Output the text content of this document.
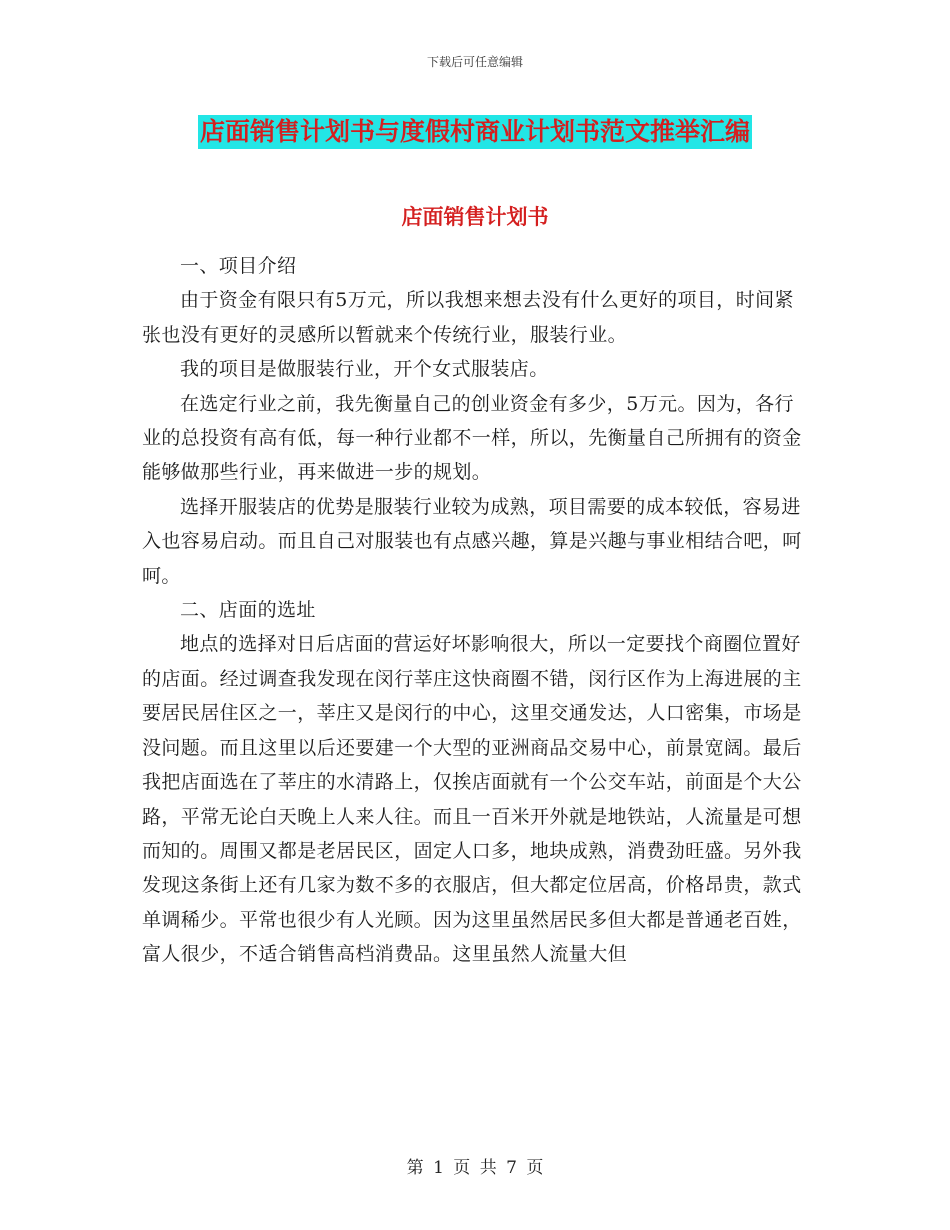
下载后可任意编辑
店面销售计划书与度假村商业计划书范文推举汇编
店面销售计划书

一、项目介绍

由于资金有限只有5万元，所以我想来想去没有什么更好的项目，时间紧张也没有更好的灵感所以暂就来个传统行业，服装行业。

我的项目是做服装行业，开个女式服装店。

在选定行业之前，我先衡量自己的创业资金有多少，5万元。因为，各行业的总投资有高有低，每一种行业都不一样，所以，先衡量自己所拥有的资金能够做那些行业，再来做进一步的规划。

选择开服装店的优势是服装行业较为成熟，项目需要的成本较低，容易进入也容易启动。而且自己对服装也有点感兴趣，算是兴趣与事业相结合吧，呵呵。

二、店面的选址

地点的选择对日后店面的营运好坏影响很大，所以一定要找个商圈位置好的店面。经过调查我发现在闵行莘庄这快商圈不错，闵行区作为上海进展的主要居民居住区之一，莘庄又是闵行的中心，这里交通发达，人口密集，市场是没问题。而且这里以后还要建一个大型的亚洲商品交易中心，前景宽阔。最后我把店面选在了莘庄的水清路上，仅挨店面就有一个公交车站，前面是个大公路，平常无论白天晚上人来人往。而且一百米开外就是地铁站，人流量是可想而知的。周围又都是老居民区，固定人口多，地块成熟，消费劲旺盛。另外我发现这条街上还有几家为数不多的衣服店，但大都定位居高，价格昂贵，款式单调稀少。平常也很少有人光顾。因为这里虽然居民多但大都是普通老百姓，富人很少，不适合销售高档消费品。这里虽然人流量大但

第 1 页 共 7 页
